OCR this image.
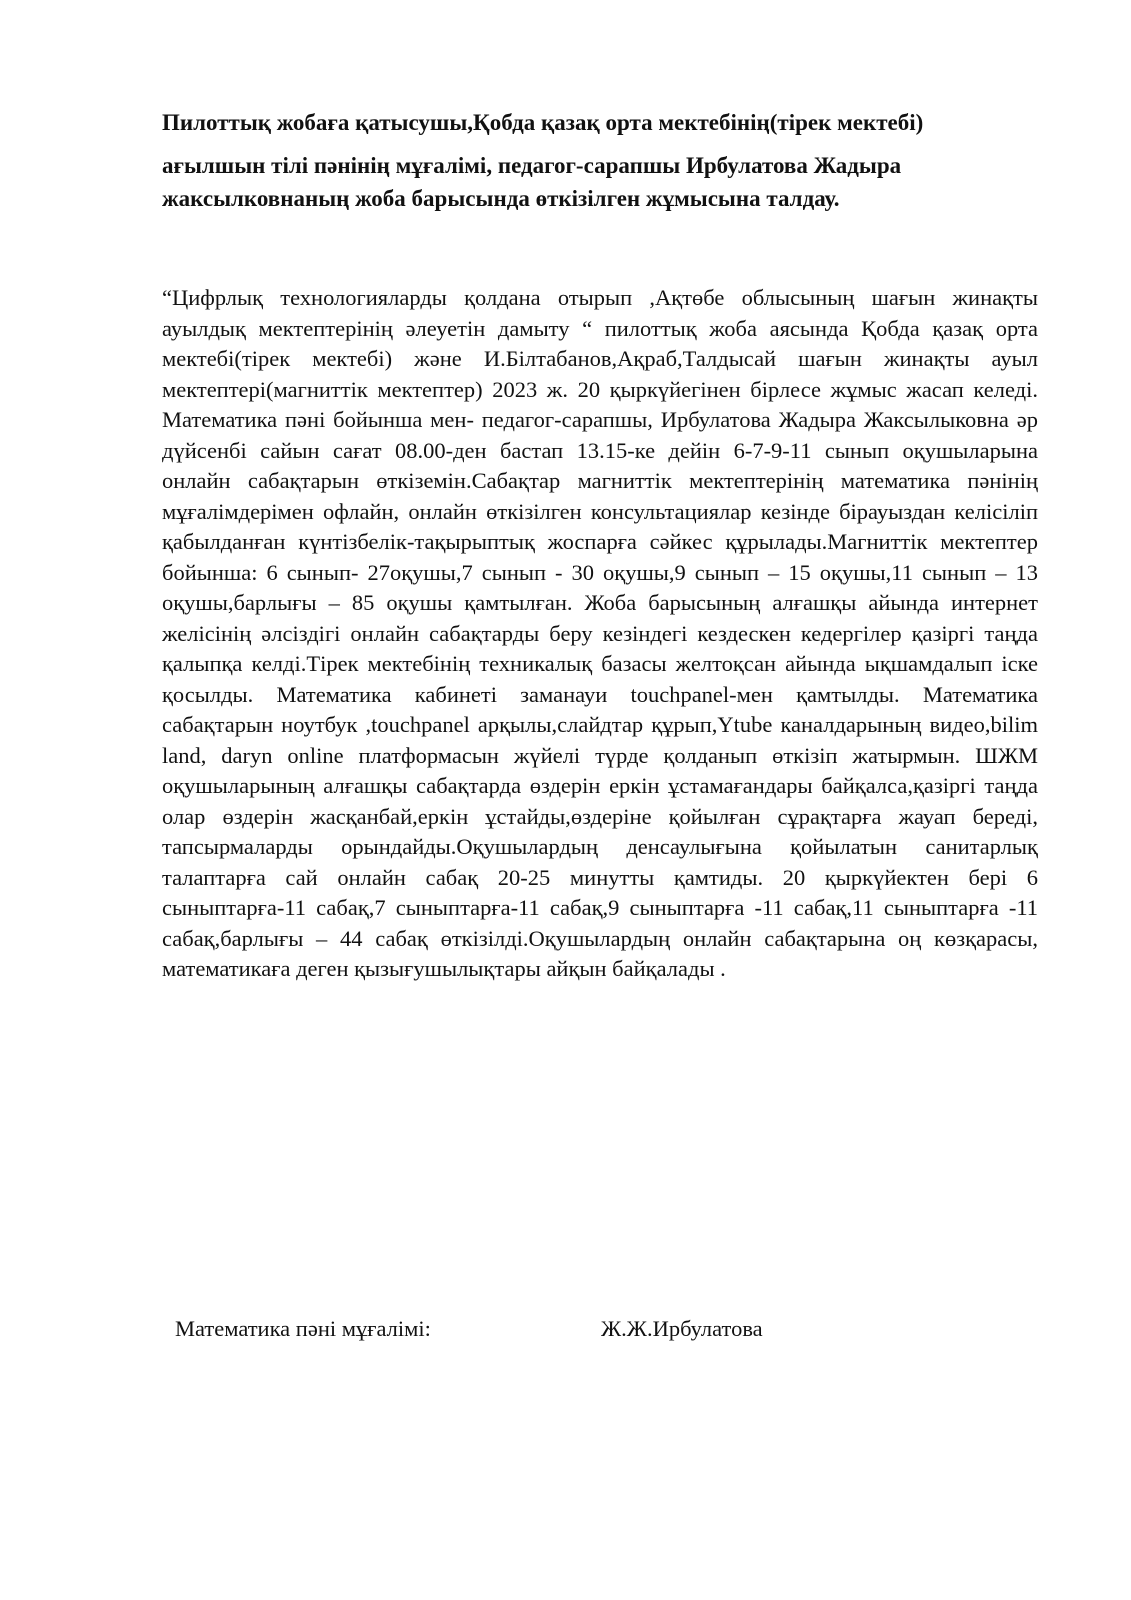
Пилоттық жобаға қатысушы,Қобда қазақ орта мектебінің(тірек мектебі)

ағылшын тілі пәнінің мұғалімі, педагог-сарапшы Ирбулатова Жадыра

жаксылковнаның жоба барысында өткізілген жұмысына талдау.

“Цифрлық технологияларды қолдана отырып ,Ақтөбе облысының шағын жинақты ауылдық мектептерінің әлеуетін дамыту “ пилоттық жоба аясында Қобда қазақ орта мектебі(тірек мектебі) және И.Білтабанов,Ақраб,Талдысай шағын жинақты ауыл мектептері(магниттік мектептер) 2023 ж. 20 қыркүйегінен бірлесе жұмыс жасап келеді. Математика пәні бойынша мен- педагог-сарапшы, Ирбулатова Жадыра Жаксылыковна әр дүйсенбі сайын сағат 08.00-ден бастап 13.15-ке дейін 6-7-9-11 сынып оқушыларына онлайн сабақтарын өткіземін.Сабақтар магниттік мектептерінің математика пәнінің мұғалімдерімен офлайн, онлайн өткізілген консультациялар кезінде бірауыздан келісіліп қабылданған күнтізбелік-тақырыптық жоспарға сәйкес құрылады.Магниттік мектептер бойынша: 6 сынып- 27оқушы,7 сынып - 30 оқушы,9 сынып – 15 оқушы,11 сынып – 13 оқушы,барлығы – 85 оқушы қамтылған. Жоба барысының алғашқы айында интернет желісінің әлсіздігі онлайн сабақтарды беру кезіндегі кездескен кедергілер қазіргі таңда қалыпқа келді.Тірек мектебінің техникалық базасы желтоқсан айында ықшамдалып іске қосылды. Математика кабинеті заманауи touchpanel-мен қамтылды. Математика сабақтарын ноутбук ,touchpanel арқылы,слайдтар құрып,Ytube каналдарының видео,bilim land, daryn online платформасын жүйелі түрде қолданып өткізіп жатырмын. ШЖМ оқушыларының алғашқы сабақтарда өздерін еркін ұстамағандары байқалса,қазіргі таңда олар өздерін жасқанбай,еркін ұстайды,өздеріне қойылған сұрақтарға жауап береді, тапсырмаларды орындайды.Оқушылардың денсаулығына қойылатын санитарлық талаптарға сай онлайн сабақ 20-25 минутты қамтиды. 20 қыркүйектен бері 6 сыныптарға-11 сабақ,7 сыныптарға-11 сабақ,9 сыныптарға -11 сабақ,11 сыныптарға -11 сабақ,барлығы – 44 сабақ өткізілді.Оқушылардың онлайн сабақтарына оң көзқарасы, математикаға деген қызығушылықтары айқын байқалады .

Математика пәні мұғалімі:	Ж.Ж.Ирбулатова
